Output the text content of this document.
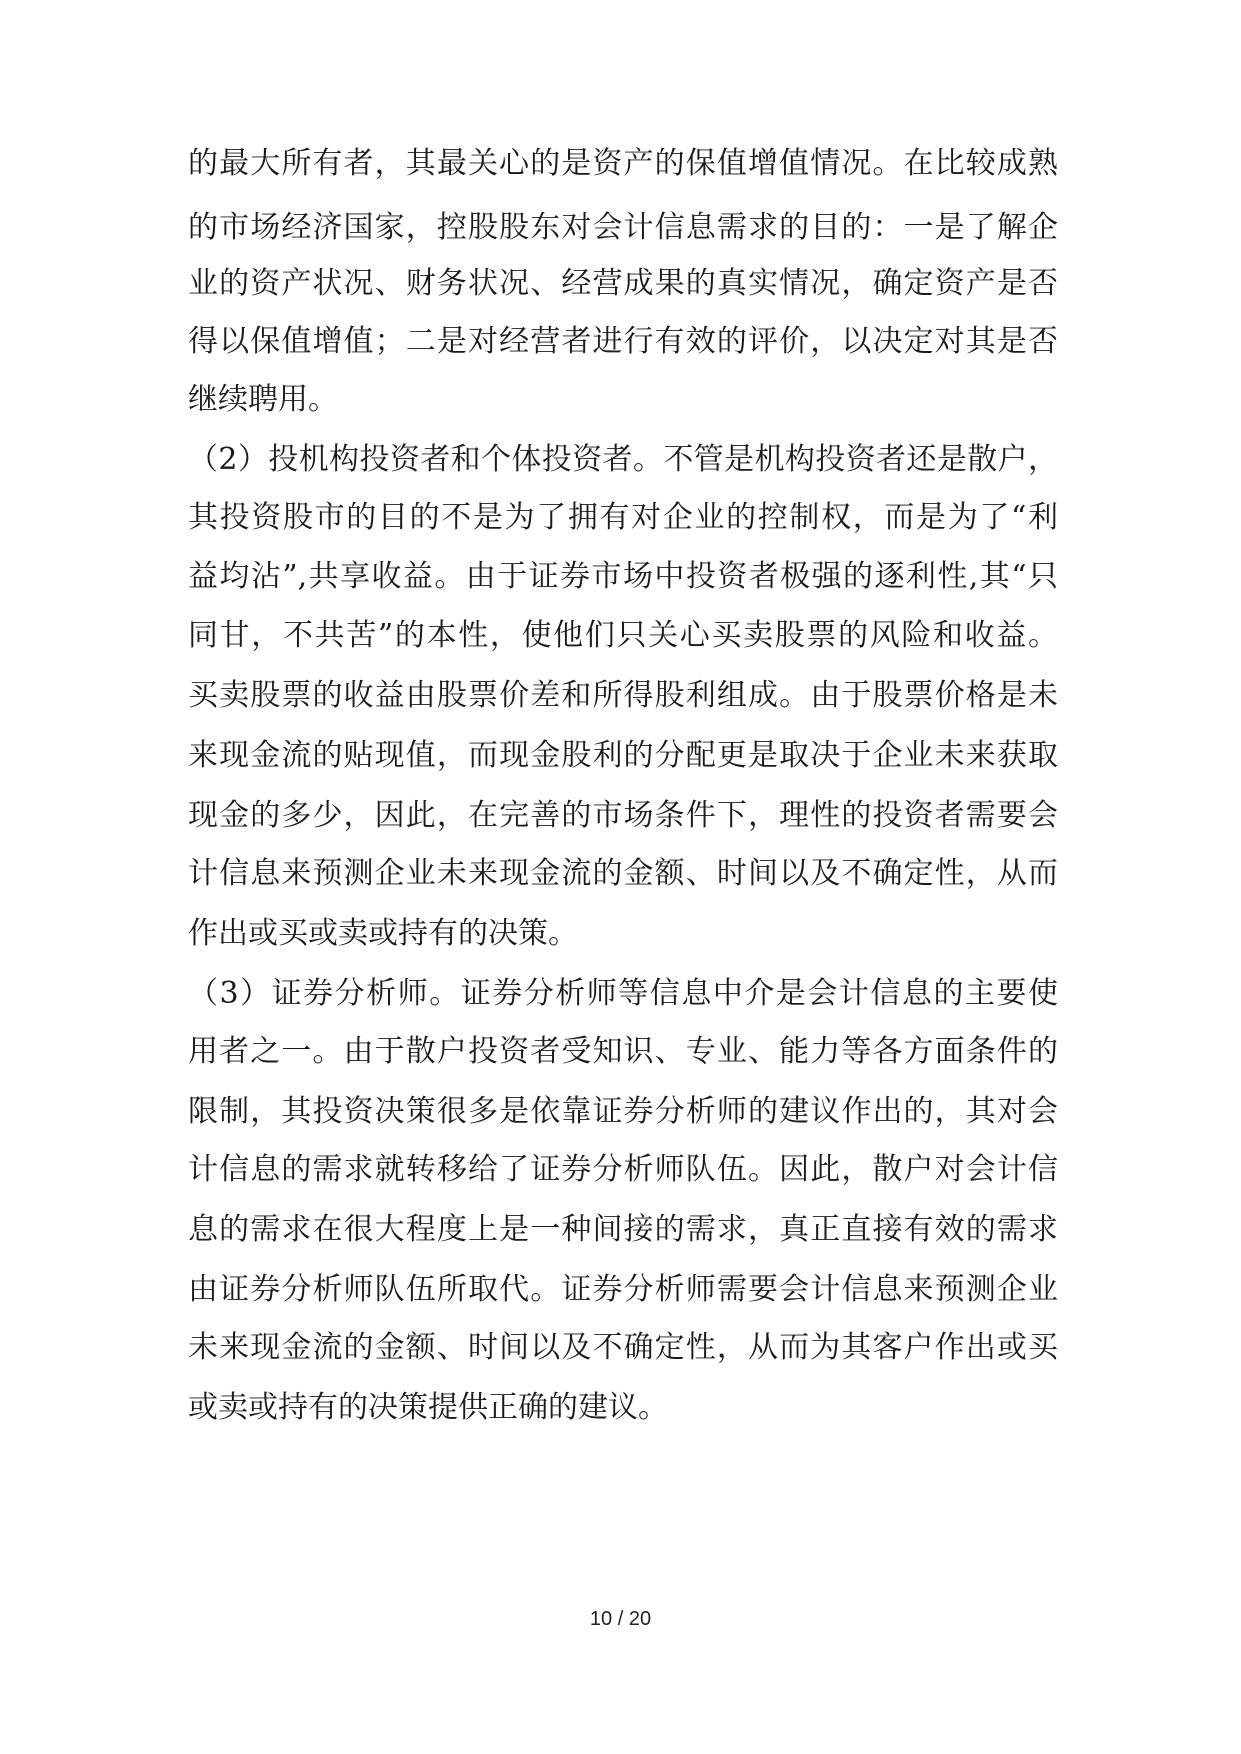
的最大所有者，其最关心的是资产的保值增值情况。在比较成熟
的市场经济国家，控股股东对会计信息需求的目的：一是了解企
业的资产状况、财务状况、经营成果的真实情况，确定资产是否
得以保值增值；二是对经营者进行有效的评价，以决定对其是否
继续聘用。
（2）投机构投资者和个体投资者。不管是机构投资者还是散户，
其投资股市的目的不是为了拥有对企业的控制权，而是为了“利
益均沾”,共享收益。由于证券市场中投资者极强的逐利性,其“只
同甘，不共苦”的本性，使他们只关心买卖股票的风险和收益。
买卖股票的收益由股票价差和所得股利组成。由于股票价格是未
来现金流的贴现值，而现金股利的分配更是取决于企业未来获取
现金的多少，因此，在完善的市场条件下，理性的投资者需要会
计信息来预测企业未来现金流的金额、时间以及不确定性，从而
作出或买或卖或持有的决策。
（3）证券分析师。证券分析师等信息中介是会计信息的主要使
用者之一。由于散户投资者受知识、专业、能力等各方面条件的
限制，其投资决策很多是依靠证券分析师的建议作出的，其对会
计信息的需求就转移给了证券分析师队伍。因此，散户对会计信
息的需求在很大程度上是一种间接的需求，真正直接有效的需求
由证券分析师队伍所取代。证券分析师需要会计信息来预测企业
未来现金流的金额、时间以及不确定性，从而为其客户作出或买
或卖或持有的决策提供正确的建议。
10 / 20
